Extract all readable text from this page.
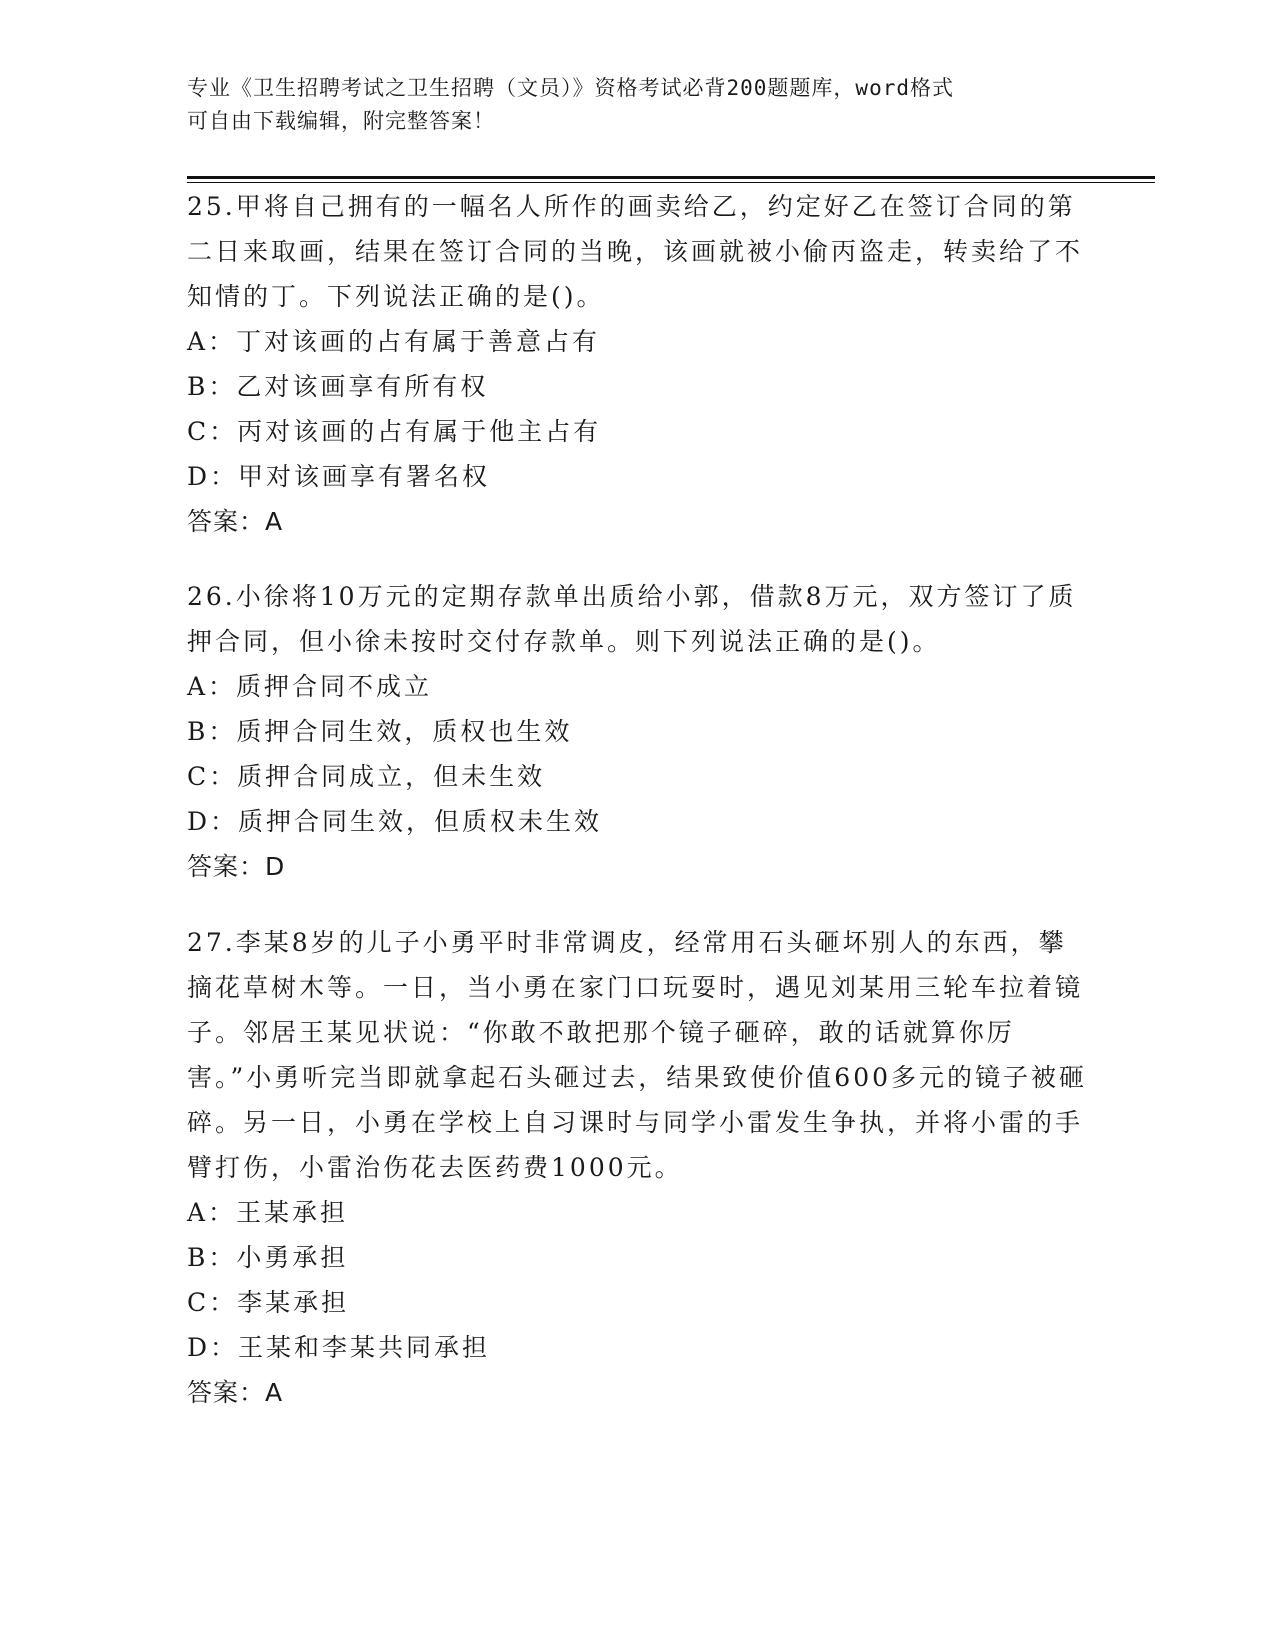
专业《卫生招聘考试之卫生招聘（文员）》资格考试必背200题题库，word格式
可自由下载编辑，附完整答案！

25.甲将自己拥有的一幅名人所作的画卖给乙，约定好乙在签订合同的第二日来取画，结果在签订合同的当晚，该画就被小偷丙盗走，转卖给了不知情的丁。下列说法正确的是()。

A：丁对该画的占有属于善意占有

B：乙对该画享有所有权

C：丙对该画的占有属于他主占有

D：甲对该画享有署名权

答案：A

26.小徐将10万元的定期存款单出质给小郭，借款8万元，双方签订了质押合同，但小徐未按时交付存款单。则下列说法正确的是()。

A：质押合同不成立

B：质押合同生效，质权也生效

C：质押合同成立，但未生效

D：质押合同生效，但质权未生效

答案：D

27.李某8岁的儿子小勇平时非常调皮，经常用石头砸坏别人的东西，攀摘花草树木等。一日，当小勇在家门口玩耍时，遇见刘某用三轮车拉着镜子。邻居王某见状说：“你敢不敢把那个镜子砸碎，敢的话就算你厉害。”小勇听完当即就拿起石头砸过去，结果致使价值600多元的镜子被砸碎。另一日，小勇在学校上自习课时与同学小雷发生争执，并将小雷的手臂打伤，小雷治伤花去医药费1000元。

A：王某承担

B：小勇承担

C：李某承担

D：王某和李某共同承担

答案：A
